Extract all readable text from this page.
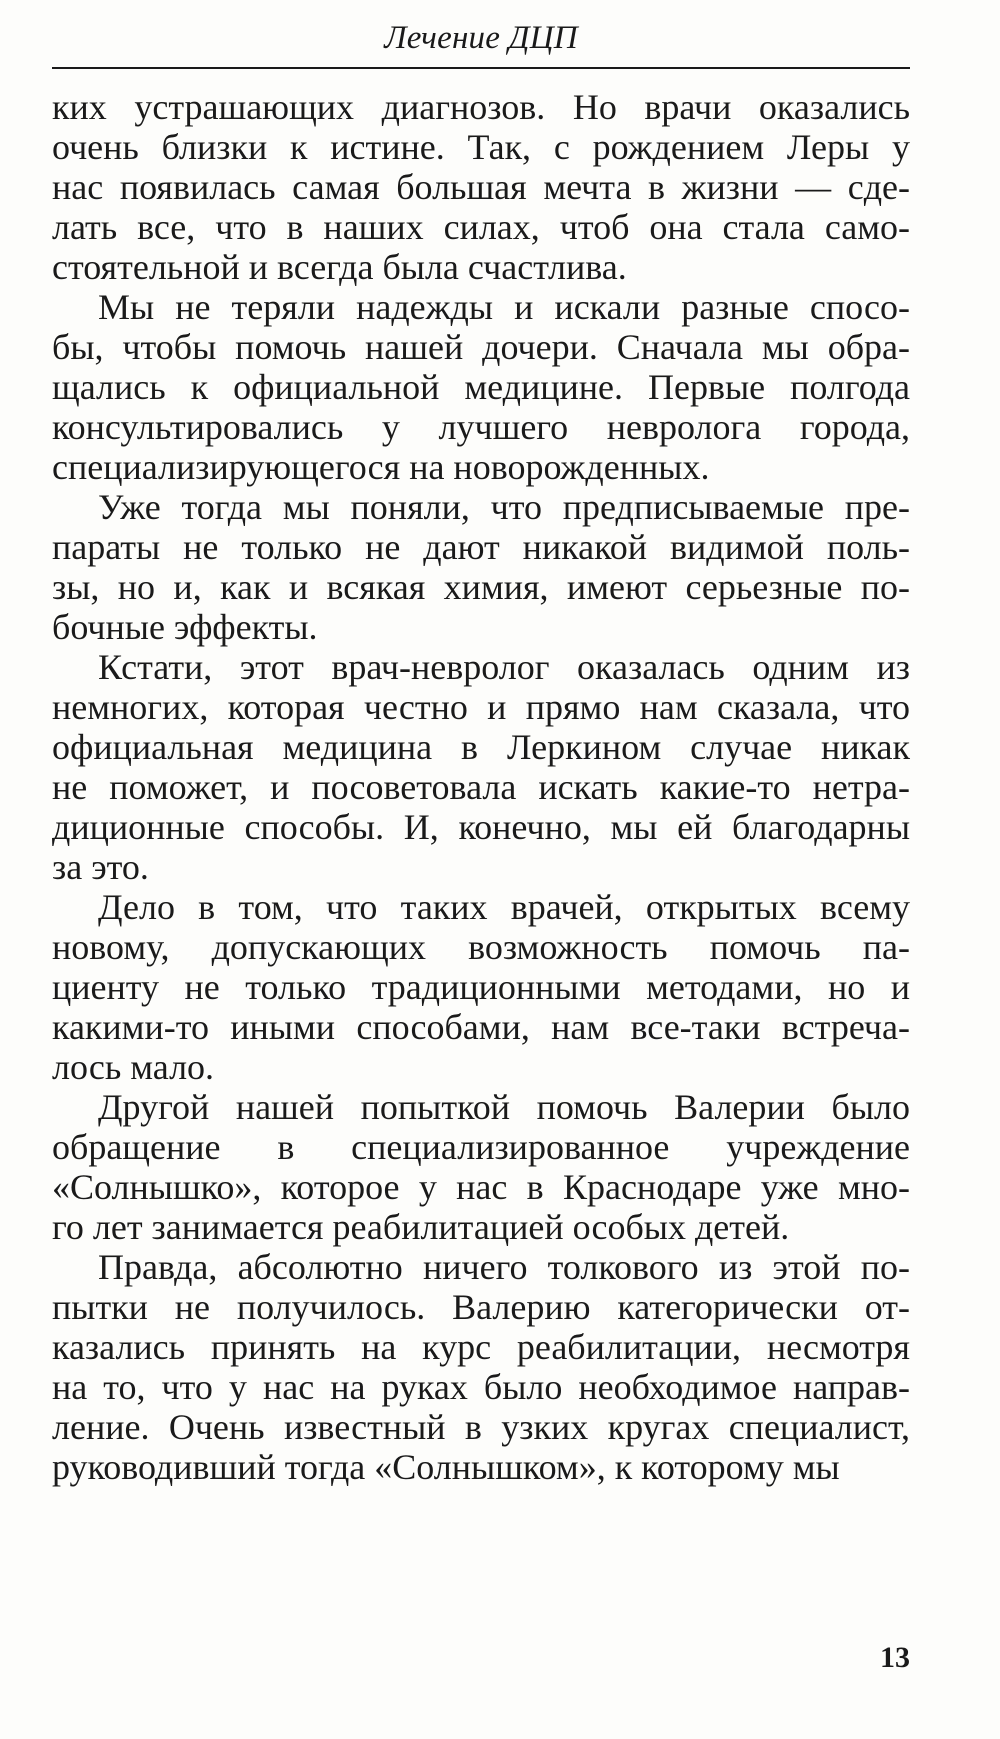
Лечение ДЦП
ких устрашающих диагнозов. Но врачи оказались
очень близки к истине. Так, с рождением Леры у
нас появилась самая большая мечта в жизни — сде-
лать все, что в наших силах, чтоб она стала само-
стоятельной и всегда была счастлива.
Мы не теряли надежды и искали разные спосо-
бы, чтобы помочь нашей дочери. Сначала мы обра-
щались к официальной медицине. Первые полгода
консультировались у лучшего невролога города,
специализирующегося на новорожденных.
Уже тогда мы поняли, что предписываемые пре-
параты не только не дают никакой видимой поль-
зы, но и, как и всякая химия, имеют серьезные по-
бочные эффекты.
Кстати, этот врач-невролог оказалась одним из
немногих, которая честно и прямо нам сказала, что
официальная медицина в Леркином случае никак
не поможет, и посоветовала искать какие-то нетра-
диционные способы. И, конечно, мы ей благодарны
за это.
Дело в том, что таких врачей, открытых всему
новому, допускающих возможность помочь па-
циенту не только традиционными методами, но и
какими-то иными способами, нам все-таки встреча-
лось мало.
Другой нашей попыткой помочь Валерии было
обращение в специализированное учреждение
«Солнышко», которое у нас в Краснодаре уже мно-
го лет занимается реабилитацией особых детей.
Правда, абсолютно ничего толкового из этой по-
пытки не получилось. Валерию категорически от-
казались принять на курс реабилитации, несмотря
на то, что у нас на руках было необходимое направ-
ление. Очень известный в узких кругах специалист,
руководивший тогда «Солнышком», к которому мы
13
